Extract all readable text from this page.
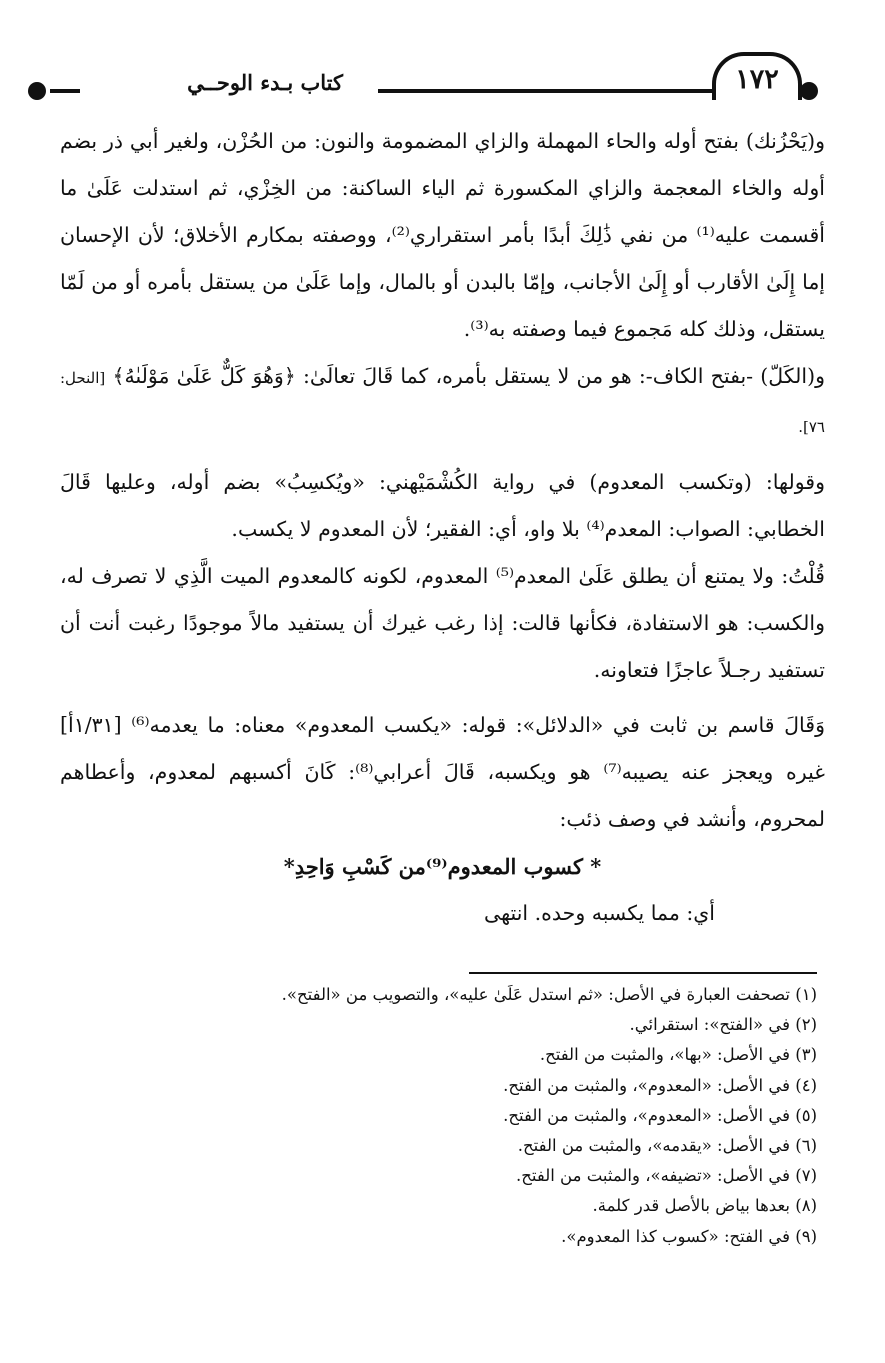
١٧٢
كتاب بـدء الوحــي

و(يَحْزُنك) بفتح أوله والحاء المهملة والزاي المضمومة والنون: من الحُزْن، ولغير أبي ذر بضم أوله والخاء المعجمة والزاي المكسورة ثم الياء الساكنة: من الخِزْي، ثم استدلت عَلَىٰ ما أقسمت عليه⁽¹⁾ من نفي ذَٰلِكَ أبدًا بأمر استقراري⁽²⁾، ووصفته بمكارم الأخلاق؛ لأن الإحسان إما إِلَىٰ الأقارب أو إِلَىٰ الأجانب، وإمّا بالبدن أو بالمال، وإما عَلَىٰ من يستقل بأمره أو من لَمّا يستقل، وذلك كله مَجموع فيما وصفته به⁽³⁾.

و(الكَلّ) -بفتح الكاف-: هو من لا يستقل بأمره، كما قَالَ تعالَىٰ: ﴿وَهُوَ كَلٌّ عَلَىٰ مَوْلَىٰهُ﴾ [النحل: ٧٦].

وقولها: (وتكسب المعدوم) في رواية الكُشْمَيْهني: «ويُكسِبُ» بضم أوله، وعليها قَالَ الخطابي: الصواب: المعدم⁽⁴⁾ بلا واو، أي: الفقير؛ لأن المعدوم لا يكسب.

قُلْتُ: ولا يمتنع أن يطلق عَلَىٰ المعدم⁽⁵⁾ المعدوم، لكونه كالمعدوم الميت الَّذِي لا تصرف له، والكسب: هو الاستفادة، فكأنها قالت: إذا رغب غيرك أن يستفيد مالاً موجودًا رغبت أنت أن تستفيد رجـلاً عاجزًا فتعاونه.

وَقَالَ قاسم بن ثابت في «الدلائل»: قوله: «يكسب المعدوم» معناه: ما يعدمه⁽⁶⁾ [١/٣١أ] غيره ويعجز عنه يصيبه⁽⁷⁾ هو ويكسبه، قَالَ أعرابي⁽⁸⁾: كَانَ أكسبهم لمعدوم، وأعطاهم لمحروم، وأنشد في وصف ذئب:

* كسوب المعدوم⁽⁹⁾من كَسْبِ وَاحِدِ*

أي: مما يكسبه وحده. انتهى

(١) تصحفت العبارة في الأصل: «ثم استدل عَلَىٰ عليه»، والتصويب من «الفتح».
(٢) في «الفتح»: استقرائي.
(٣) في الأصل: «بها»، والمثبت من الفتح.
(٤) في الأصل: «المعدوم»، والمثبت من الفتح.
(٥) في الأصل: «المعدوم»، والمثبت من الفتح.
(٦) في الأصل: «يقدمه»، والمثبت من الفتح.
(٧) في الأصل: «تضيفه»، والمثبت من الفتح.
(٨) بعدها بياض بالأصل قدر كلمة.
(٩) في الفتح: «كسوب كذا المعدوم».
